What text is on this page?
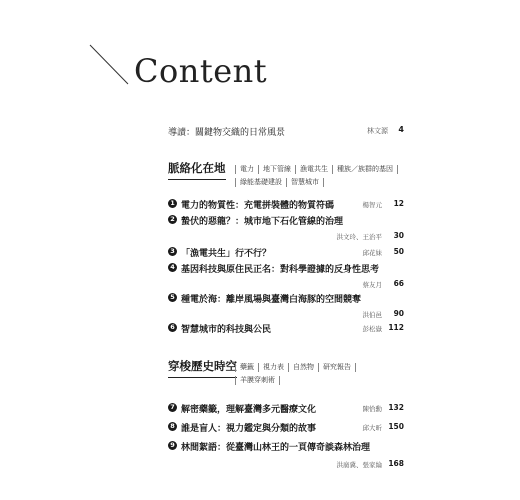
Content
導讀：關鍵物交織的日常風景	林文源 4
脈絡化在地	電力 地下管線 漁電共生 種族／族群的基因
綠能基礎建設 智慧城市
1 電力的物質性：充電拼裝體的物質符碼	楊智元 12
2 蟄伏的惡龍？：城市地下石化管線的治理
洪文玲、王治平 30
3 「漁電共生」行不行？	邱花妹 50
4 基因科技與原住民正名：對科學證據的反身性思考
蔡友月 66
5 種電於海：離岸風場與臺灣白海豚的空間競奪
洪伯邑 90
6 智慧城市的科技與公民	彭松嶽 112
穿梭歷史時空 藥籤 視力表 自然物 研究報告
羊膜穿刺術
7 解密藥籤，理解臺灣多元醫療文化	陳恰勳 132
8 誰是盲人：視力鑑定與分類的故事	邱大昕 150
9 林間絮語：從臺灣山林王的一頁傳奇談森林治理
洪廣冀、張家綸 168
